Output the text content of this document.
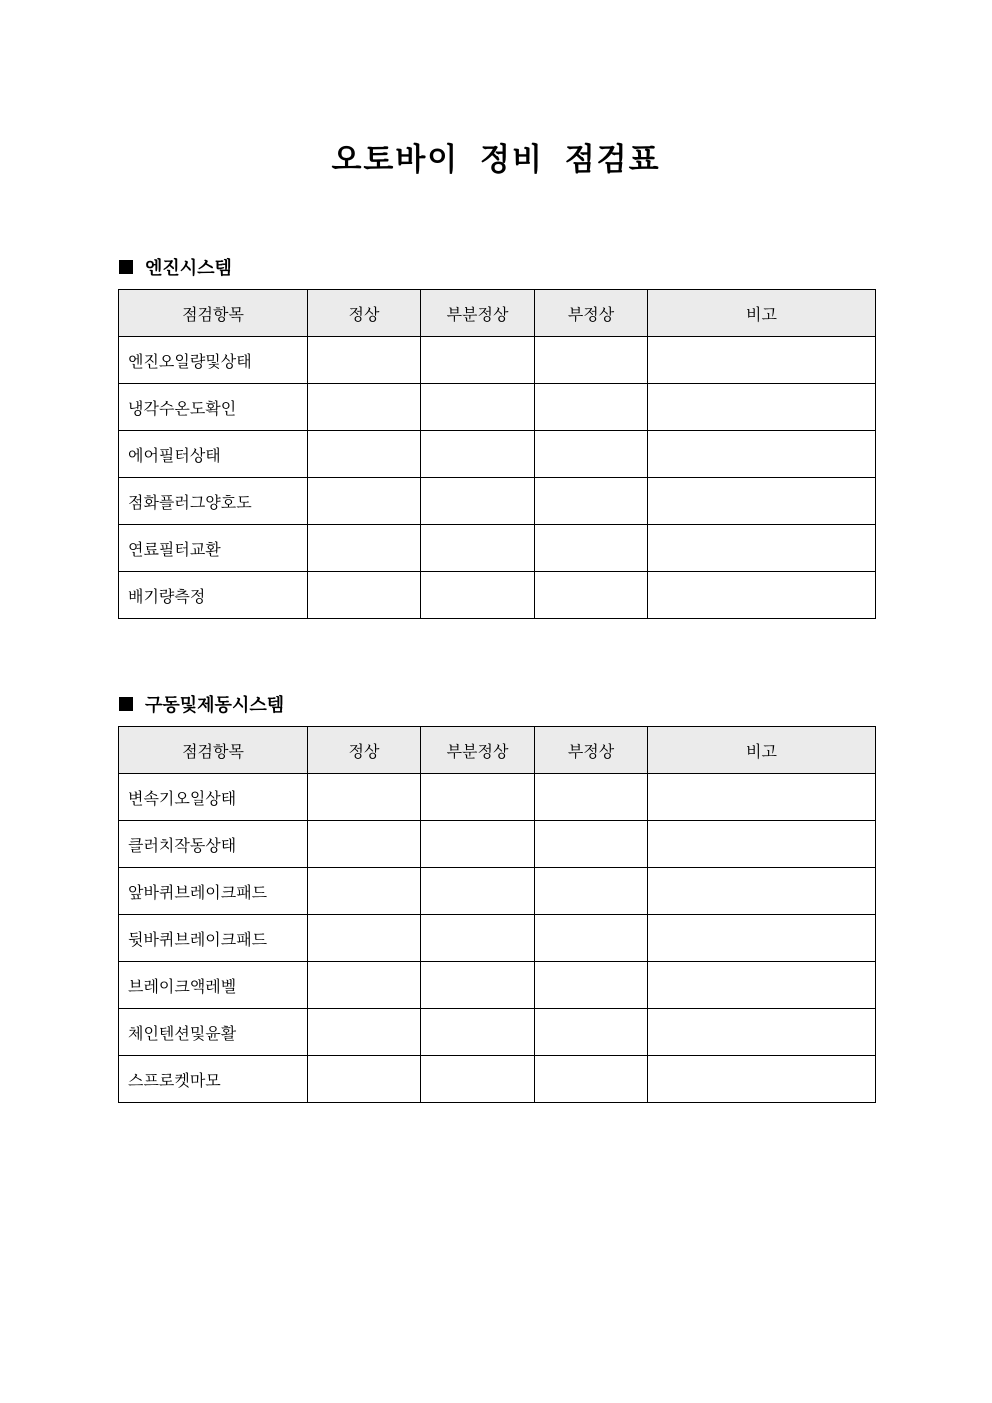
오토바이 정비 점검표
엔진시스템
점검항목	정상	부분정상	부정상	비고
엔진오일량및상태				
냉각수온도확인				
에어필터상태				
점화플러그양호도				
연료필터교환				
배기량측정				
구동및제동시스템
점검항목	정상	부분정상	부정상	비고
변속기오일상태				
클러치작동상태				
앞바퀴브레이크패드				
뒷바퀴브레이크패드				
브레이크액레벨				
체인텐션및윤활				
스프로켓마모				
